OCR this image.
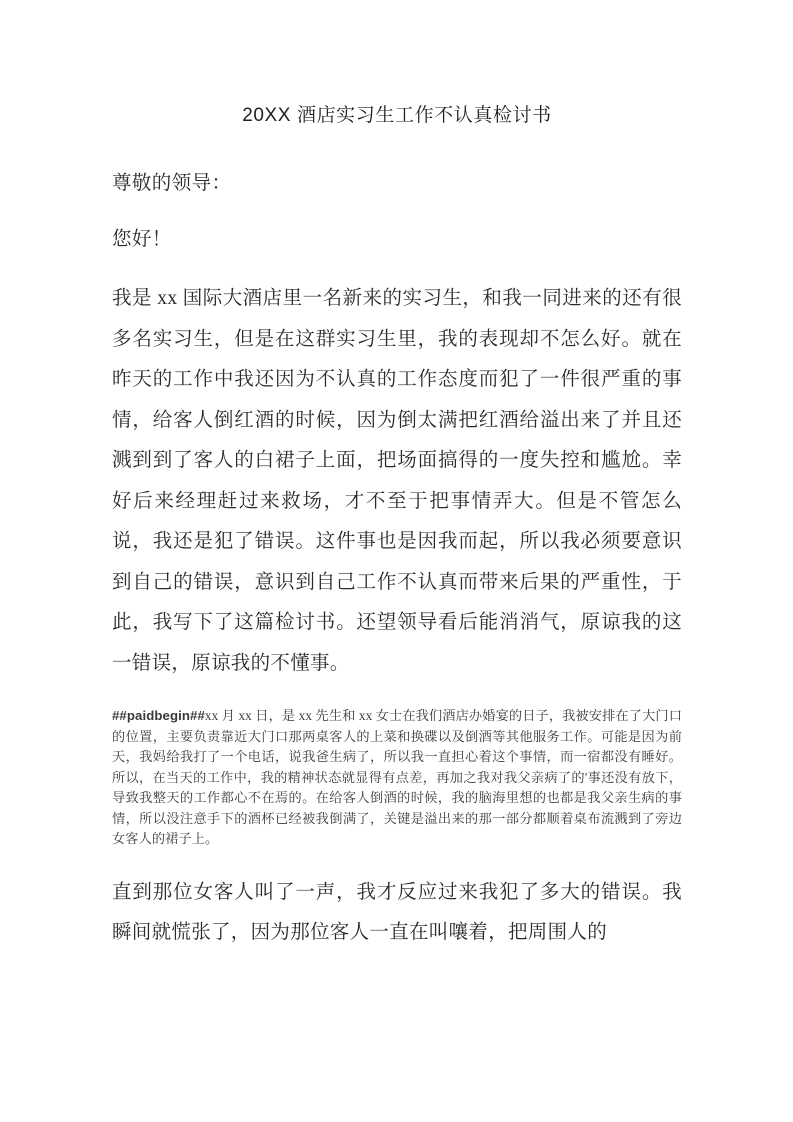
20XX 酒店实习生工作不认真检讨书

尊敬的领导：

您好！

我是 xx 国际大酒店里一名新来的实习生，和我一同进来的还有很多名实习生，但是在这群实习生里，我的表现却不怎么好。就在昨天的工作中我还因为不认真的工作态度而犯了一件很严重的事情，给客人倒红酒的时候，因为倒太满把红酒给溢出来了并且还溅到到了客人的白裙子上面，把场面搞得的一度失控和尴尬。幸好后来经理赶过来救场，才不至于把事情弄大。但是不管怎么说，我还是犯了错误。这件事也是因我而起，所以我必须要意识到自己的错误，意识到自己工作不认真而带来后果的严重性，于此，我写下了这篇检讨书。还望领导看后能消消气，原谅我的这一错误，原谅我的不懂事。

##paidbegin##xx 月 xx 日，是 xx 先生和 xx 女士在我们酒店办婚宴的日子，我被安排在了大门口的位置，主要负责靠近大门口那两桌客人的上菜和换碟以及倒酒等其他服务工作。可能是因为前天，我妈给我打了一个电话，说我爸生病了，所以我一直担心着这个事情，而一宿都没有睡好。所以，在当天的工作中，我的精神状态就显得有点差，再加之我对我父亲病了的'事还没有放下，导致我整天的工作都心不在焉的。在给客人倒酒的时候，我的脑海里想的也都是我父亲生病的事情，所以没注意手下的酒杯已经被我倒满了，关键是溢出来的那一部分都顺着桌布流溅到了旁边女客人的裙子上。

直到那位女客人叫了一声，我才反应过来我犯了多大的错误。我瞬间就慌张了，因为那位客人一直在叫嚷着，把周围人的
